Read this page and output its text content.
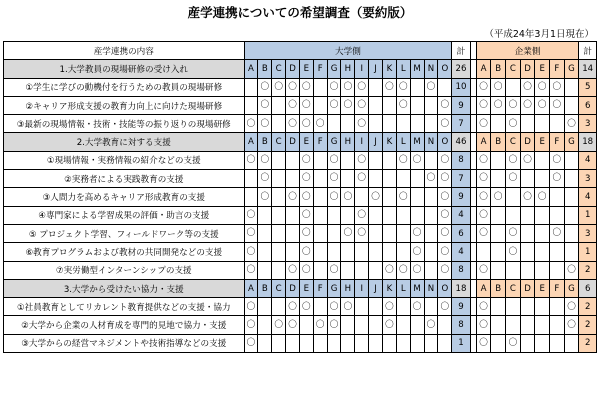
産学連携についての希望調査（要約版）
（平成24年3月1日現在）
産学連携の内容	大学側															計		企業側							計
1.大学教員の現場研修の受け入れ	A	B	C	D	E	F	G	H	I	J	K	L	M	N	O	26		A	B	C	D	E	F	G	14
①学生に学びの動機付を行うための教員の現場研修		〇	〇	〇	〇		〇	〇	〇		〇	〇		〇		10		〇	〇		〇	〇	〇		5
②キャリア形成支援の教育力向上に向けた現場研修		〇		〇	〇		〇	〇	〇			〇			〇	9		〇	〇	〇	〇	〇	〇		6
③最新の現場情報・技術・技能等の振り返りの現場研修	〇	〇		〇	〇	〇			〇						〇	7		〇		〇				〇	3
2.大学教育に対する支援	A	B	C	D	E	F	G	H	I	J	K	L	M	N	O	46		A	B	C	D	E	F	G	18
①現場情報・実務情報の紹介などの支援	〇	〇			〇		〇		〇			〇	〇		〇	8		〇		〇	〇		〇		4
②実務者による実践教育の支援		〇			〇		〇		〇					〇	〇	7		〇		〇			〇		3
③人間力を高めるキャリア形成教育の支援		〇		〇	〇		〇	〇		〇		〇			〇	9		〇	〇		〇	〇			4
④専門家による学習成果の評価・助言の支援	〇				〇				〇						〇	4		〇							1
⑤ プロジェクト学習、フィールドワーク等の支援	〇				〇			〇	〇				〇		〇	6		〇		〇			〇		3
⑥教育プログラムおよび教材の共同開発などの支援	〇				〇								〇		〇	4				〇					1
⑦実労働型インターンシップの支援	〇			〇	〇		〇				〇	〇	〇		〇	8		〇						〇	2
3.大学から受けたい協力・支援	A	B	C	D	E	F	G	H	I	J	K	L	M	N	O	18		A	B	C	D	E	F	G	6
①社員教育としてリカレント教育提供などの支援・協力	〇			〇	〇		〇	〇			〇		〇		〇	9		〇						〇	2
②大学から企業の人材育成を専門的見地で協力・支援	〇		〇	〇		〇	〇				〇			〇		8		〇						〇	2
③大学からの経営マネジメントや技術指導などの支援	〇															1		〇		〇					2
